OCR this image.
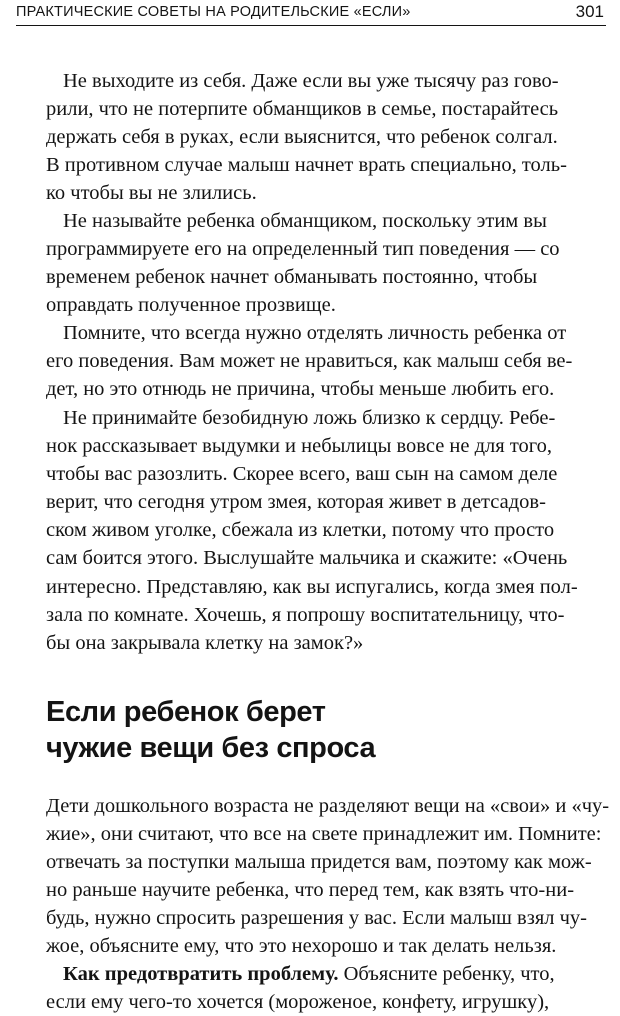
ПРАКТИЧЕСКИЕ СОВЕТЫ НА РОДИТЕЛЬСКИЕ «ЕСЛИ»	301
Не выходите из себя. Даже если вы уже тысячу раз гово-
рили, что не потерпите обманщиков в семье, постарайтесь
держать себя в руках, если выяснится, что ребенок солгал.
В противном случае малыш начнет врать специально, толь-
ко чтобы вы не злились.
Не называйте ребенка обманщиком, поскольку этим вы
программируете его на определенный тип поведения — со
временем ребенок начнет обманывать постоянно, чтобы
оправдать полученное прозвище.
Помните, что всегда нужно отделять личность ребенка от
его поведения. Вам может не нравиться, как малыш себя ве-
дет, но это отнюдь не причина, чтобы меньше любить его.
Не принимайте безобидную ложь близко к сердцу. Ребе-
нок рассказывает выдумки и небылицы вовсе не для того,
чтобы вас разозлить. Скорее всего, ваш сын на самом деле
верит, что сегодня утром змея, которая живет в детсадов-
ском живом уголке, сбежала из клетки, потому что просто
сам боится этого. Выслушайте мальчика и скажите: «Очень
интересно. Представляю, как вы испугались, когда змея пол-
зала по комнате. Хочешь, я попрошу воспитательницу, что-
бы она закрывала клетку на замок?»
Если ребенок берет
чужие вещи без спроса
Дети дошкольного возраста не разделяют вещи на «свои» и «чу-
жие», они считают, что все на свете принадлежит им. Помните:
отвечать за поступки малыша придется вам, поэтому как мож-
но раньше научите ребенка, что перед тем, как взять что-ни-
будь, нужно спросить разрешения у вас. Если малыш взял чу-
жое, объясните ему, что это нехорошо и так делать нельзя.
Как предотвратить проблему. Объясните ребенку, что,
если ему чего-то хочется (мороженое, конфету, игрушку),
